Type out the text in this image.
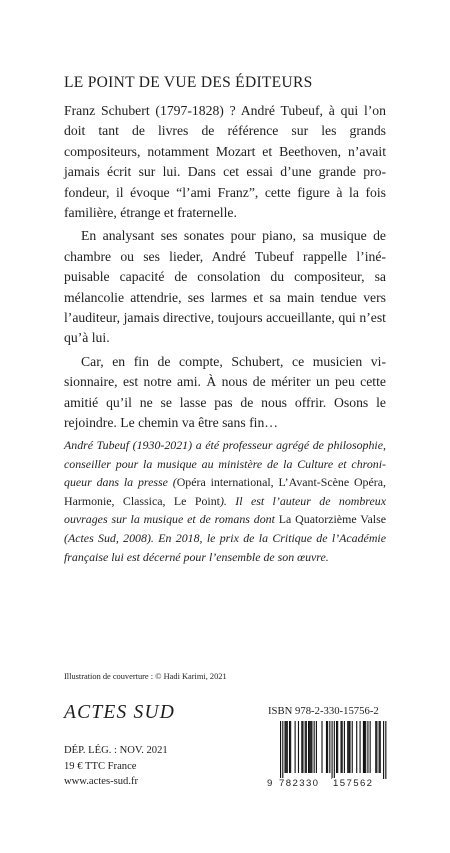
LE POINT DE VUE DES ÉDITEURS

Franz Schubert (1797-1828) ? André Tubeuf, à qui l’on doit tant de livres de référence sur les grands compositeurs, notamment Mozart et Beethoven, n’avait jamais écrit sur lui. Dans cet essai d’une grande profondeur, il évoque “l’ami Franz”, cette figure à la fois familière, étrange et fraternelle.

En analysant ses sonates pour piano, sa musique de chambre ou ses lieder, André Tubeuf rappelle l’inépuisable capacité de consolation du compositeur, sa mélancolie attendrie, ses larmes et sa main tendue vers l’auditeur, jamais directive, toujours accueillante, qui n’est qu’à lui.

Car, en fin de compte, Schubert, ce musicien visionnaire, est notre ami. À nous de mériter un peu cette amitié qu’il ne se lasse pas de nous offrir. Osons le rejoindre. Le chemin va être sans fin…

André Tubeuf (1930-2021) a été professeur agrégé de philosophie, conseiller pour la musique au ministère de la Culture et chroniqueur dans la presse (Opéra international, L’Avant-Scène Opéra, Harmonie, Classica, Le Point). Il est l’auteur de nombreux ouvrages sur la musique et de romans dont La Quatorzième Valse (Actes Sud, 2008). En 2018, le prix de la Critique de l’Académie française lui est décerné pour l’ensemble de son œuvre.

Illustration de couverture : © Hadi Karimi, 2021
ACTES SUD
DÉP. LÉG. : NOV. 2021
19 € TTC France
www.actes-sud.fr
ISBN 978-2-330-15756-2
9 782330 157562
